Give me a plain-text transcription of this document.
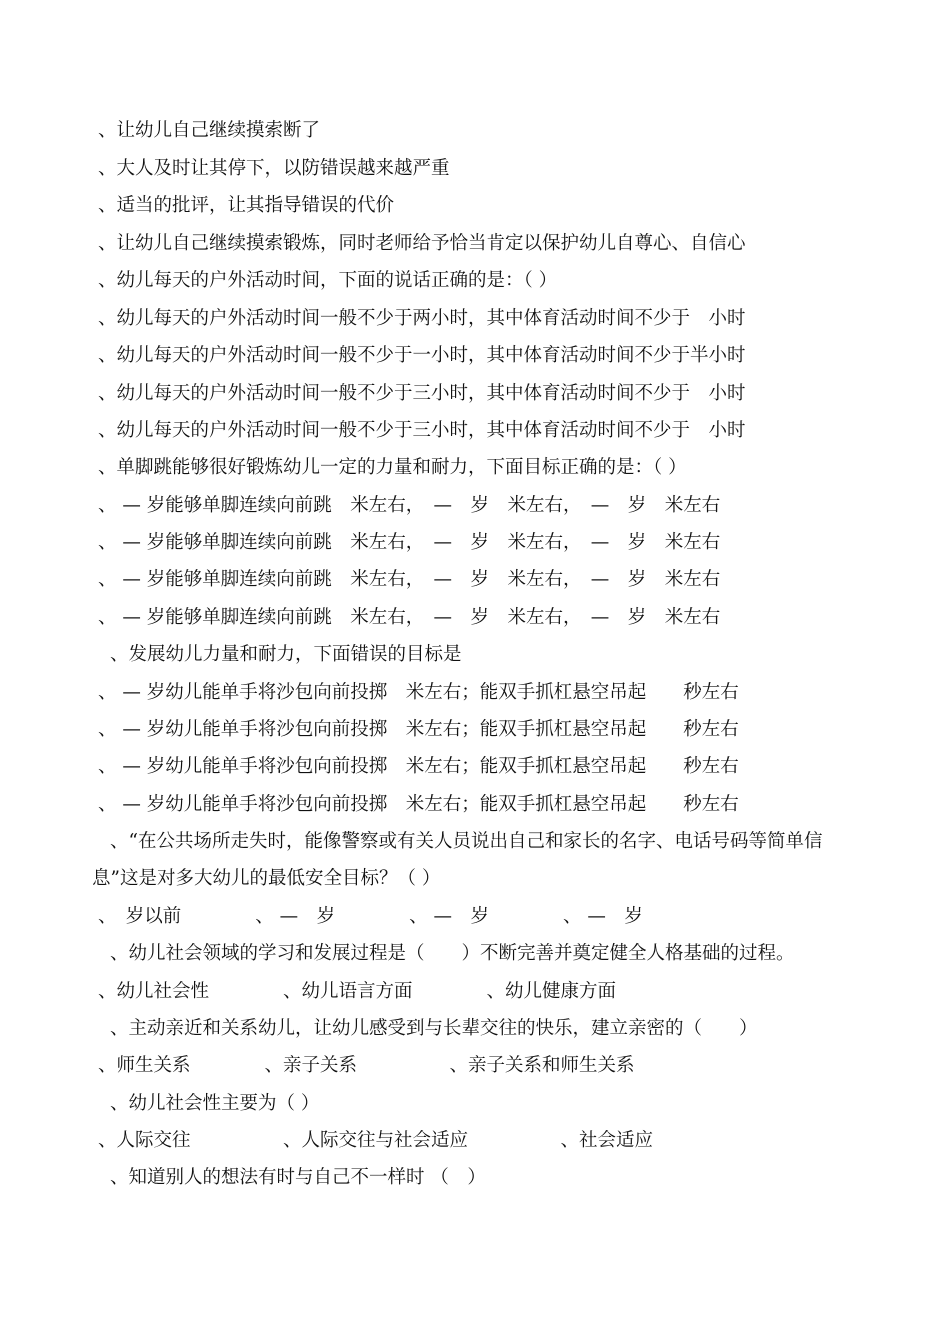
、让幼儿自己继续摸索断了
、大人及时让其停下，以防错误越来越严重
、适当的批评，让其指导错误的代价
、让幼儿自己继续摸索锻炼，同时老师给予恰当肯定以保护幼儿自尊心、自信心
、幼儿每天的户外活动时间，下面的说话正确的是：（ ）
、幼儿每天的户外活动时间一般不少于两小时，其中体育活动时间不少于　小时
、幼儿每天的户外活动时间一般不少于一小时，其中体育活动时间不少于半小时
、幼儿每天的户外活动时间一般不少于三小时，其中体育活动时间不少于　小时
、幼儿每天的户外活动时间一般不少于三小时，其中体育活动时间不少于　小时
、单脚跳能够很好锻炼幼儿一定的力量和耐力，下面目标正确的是：（ ）
、 — 岁能够单脚连续向前跳　米左右，　—　岁　米左右，　—　岁　米左右
、 — 岁能够单脚连续向前跳　米左右，　—　岁　米左右，　—　岁　米左右
、 — 岁能够单脚连续向前跳　米左右，　—　岁　米左右，　—　岁　米左右
、 — 岁能够单脚连续向前跳　米左右，　—　岁　米左右，　—　岁　米左右
、发展幼儿力量和耐力，下面错误的目标是
、 — 岁幼儿能单手将沙包向前投掷　米左右；能双手抓杠悬空吊起　　秒左右
、 — 岁幼儿能单手将沙包向前投掷　米左右；能双手抓杠悬空吊起　　秒左右
、 — 岁幼儿能单手将沙包向前投掷　米左右；能双手抓杠悬空吊起　　秒左右
、 — 岁幼儿能单手将沙包向前投掷　米左右；能双手抓杠悬空吊起　　秒左右
、“在公共场所走失时，能像警察或有关人员说出自己和家长的名字、电话号码等简单信
息”这是对多大幼儿的最低安全目标？（ ）
、　岁以前　　　　、 —　岁　　　　、 —　岁　　　　、 —　岁
、幼儿社会领域的学习和发展过程是（　　）不断完善并奠定健全人格基础的过程。
、幼儿社会性　　　　、幼儿语言方面　　　　、幼儿健康方面
、主动亲近和关系幼儿，让幼儿感受到与长辈交往的快乐，建立亲密的（　　）
、师生关系　　　　、亲子关系　　　　　、亲子关系和师生关系
、幼儿社会性主要为（ ）
、人际交往　　　　　、人际交往与社会适应　　　　　、社会适应
、知道别人的想法有时与自己不一样时 （　）
